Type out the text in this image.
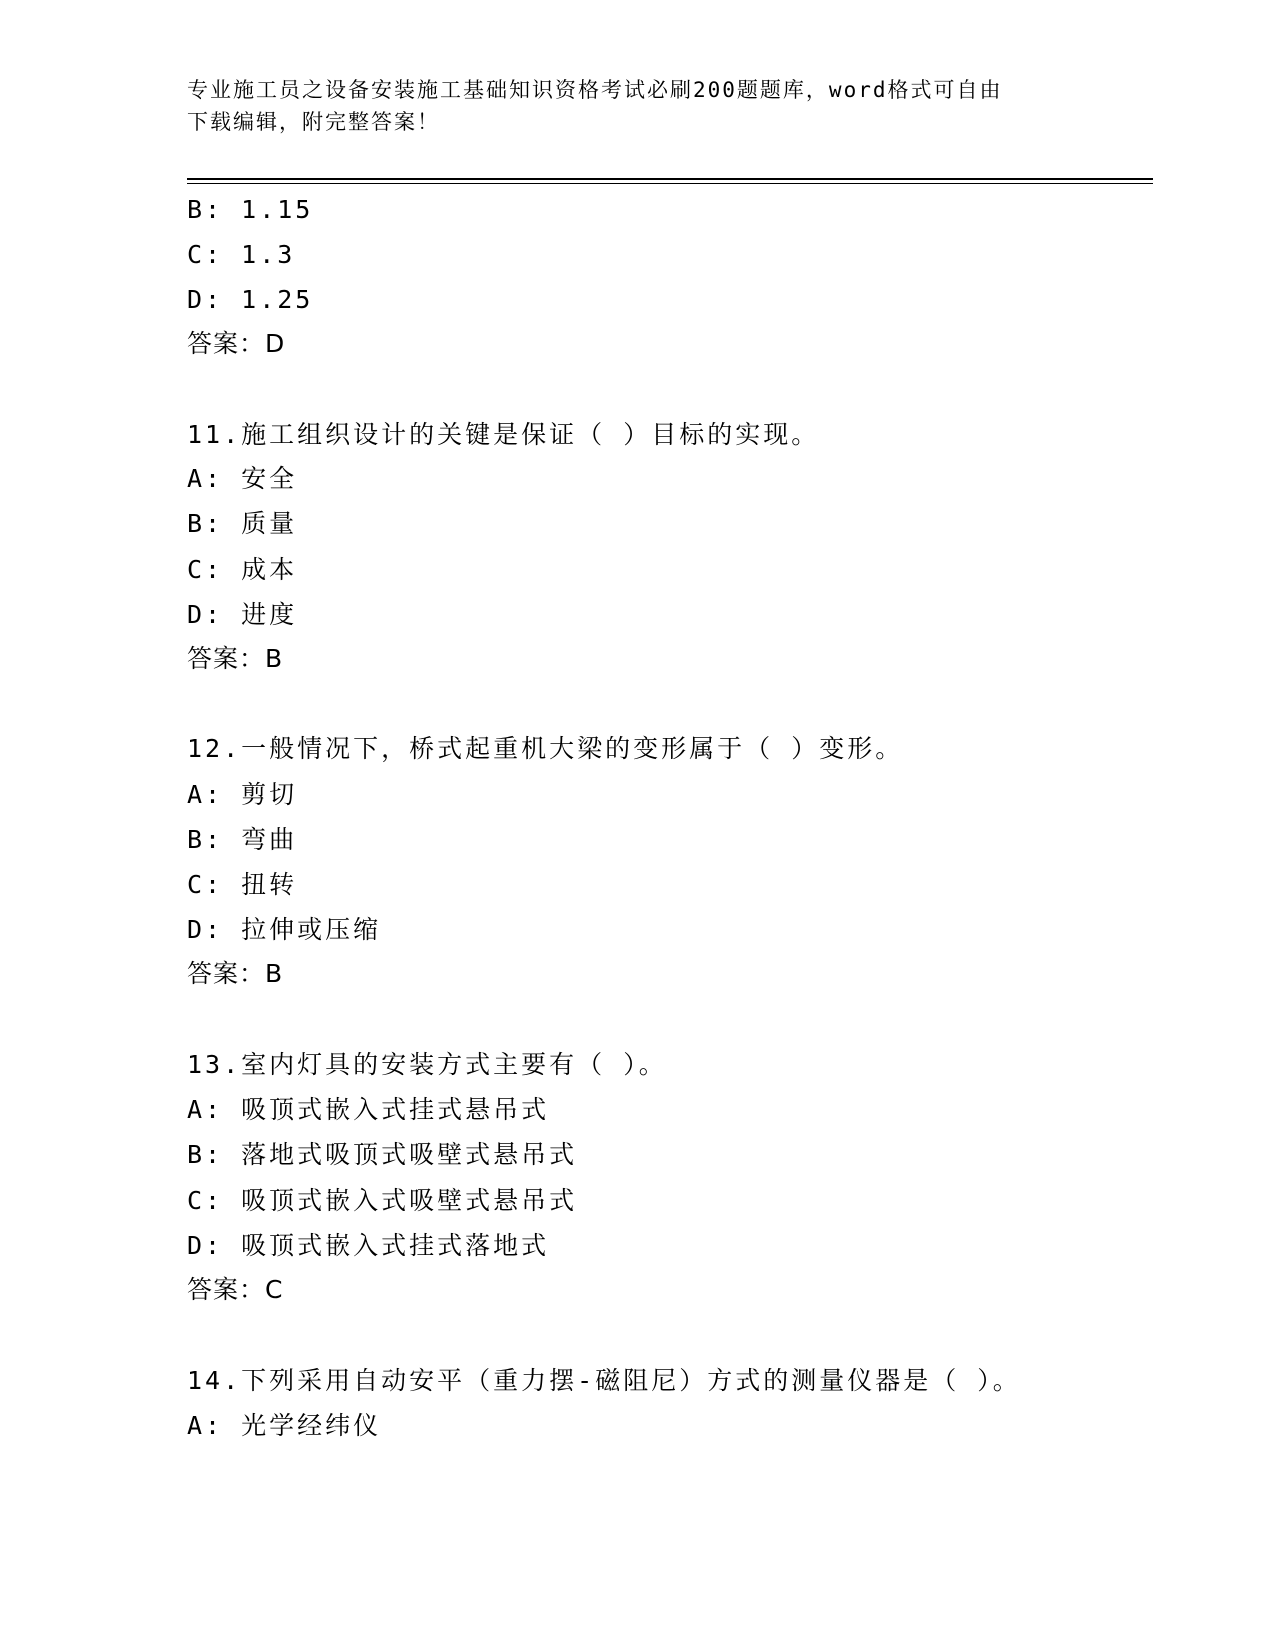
专业施工员之设备安装施工基础知识资格考试必刷200题题库，word格式可自由
下载编辑，附完整答案！
B: 1.15
C: 1.3
D: 1.25
答案：D
11.施工组织设计的关键是保证（ ）目标的实现。
A: 安全
B: 质量
C: 成本
D: 进度
答案：B
12.一般情况下，桥式起重机大梁的变形属于（ ）变形。
A: 剪切
B: 弯曲
C: 扭转
D: 拉伸或压缩
答案：B
13.室内灯具的安装方式主要有（ ）。
A: 吸顶式嵌入式挂式悬吊式
B: 落地式吸顶式吸壁式悬吊式
C: 吸顶式嵌入式吸壁式悬吊式
D: 吸顶式嵌入式挂式落地式
答案：C
14.下列采用自动安平（重力摆-磁阻尼）方式的测量仪器是（ ）。
A: 光学经纬仪
